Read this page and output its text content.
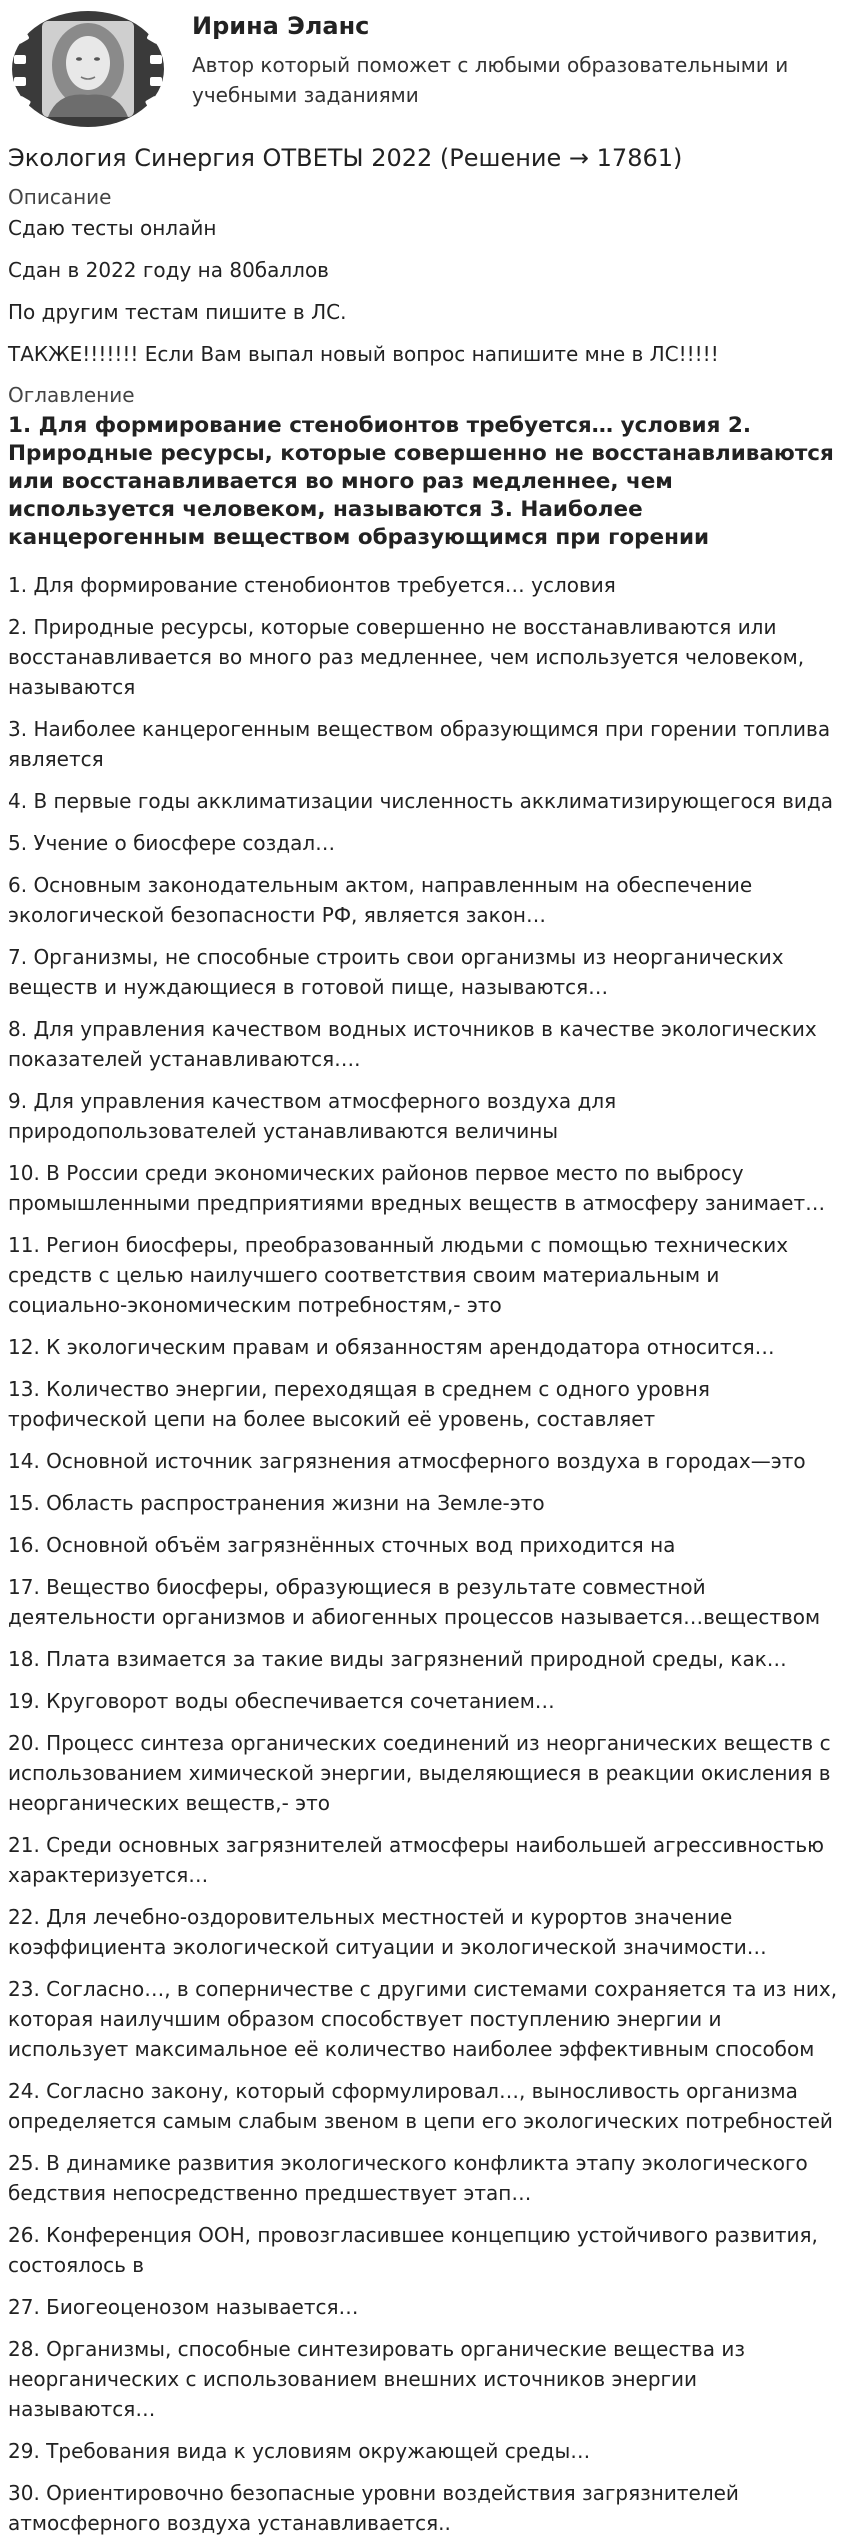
Ирина Эланс
Автор который поможет с любыми образовательными и учебными заданиями
Экология Синергия ОТВЕТЫ 2022 (Решение → 17861)
Описание

Сдаю тесты онлайн

Сдан в 2022 году на 80баллов

По другим тестам пишите в ЛС.

ТАКЖЕ!!!!!!! Если Вам выпал новый вопрос напишите мне в ЛС!!!!!

Оглавление
1. Для формирование стенобионтов требуется… условия 2. Природные ресурсы, которые совершенно не восстанавливаются или восстанавливается во много раз медленнее, чем используется человеком, называются 3. Наиболее канцерогенным веществом образующимся при горении
1. Для формирование стенобионтов требуется… условия
2. Природные ресурсы, которые совершенно не восстанавливаются или восстанавливается во много раз медленнее, чем используется человеком, называются
3. Наиболее канцерогенным веществом образующимся при горении топлива является
4. В первые годы акклиматизации численность акклиматизирующегося вида
5. Учение о биосфере создал…
6. Основным законодательным актом, направленным на обеспечение экологической безопасности РФ, является закон…
7. Организмы, не способные строить свои организмы из неорганических веществ и нуждающиеся в готовой пище, называются…
8. Для управления качеством водных источников в качестве экологических показателей устанавливаются….
9. Для управления качеством атмосферного воздуха для природопользователей устанавливаются величины
10. В России среди экономических районов первое место по выбросу промышленными предприятиями вредных веществ в атмосферу занимает…
11. Регион биосферы, преобразованный людьми с помощью технических средств с целью наилучшего соответствия своим материальным и социально-экономическим потребностям,- это
12. К экологическим правам и обязанностям арендодатора относится…
13. Количество энергии, переходящая в среднем с одного уровня трофической цепи на более высокий её уровень, составляет
14. Основной источник загрязнения атмосферного воздуха в городах—это
15. Область распространения жизни на Земле-это
16. Основной объём загрязнённых сточных вод приходится на
17. Вещество биосферы, образующиеся в результате совместной деятельности организмов и абиогенных процессов называется…веществом
18. Плата взимается за такие виды загрязнений природной среды, как…
19. Круговорот воды обеспечивается сочетанием…
20. Процесс синтеза органических соединений из неорганических веществ с использованием химической энергии, выделяющиеся в реакции окисления в неорганических веществ,- это
21. Среди основных загрязнителей атмосферы наибольшей агрессивностью характеризуется…
22. Для лечебно-оздоровительных местностей и курортов значение коэффициента экологической ситуации и экологической значимости…
23. Согласно…, в соперничестве с другими системами сохраняется та из них, которая наилучшим образом способствует поступлению энергии и использует максимальное её количество наиболее эффективным способом
24. Согласно закону, который сформулировал…, выносливость организма определяется самым слабым звеном в цепи его экологических потребностей
25. В динамике развития экологического конфликта этапу экологического бедствия непосредственно предшествует этап…
26. Конференция ООН, провозгласившее концепцию устойчивого развития, состоялось в
27. Биогеоценозом называется…
28. Организмы, способные синтезировать органические вещества из неорганических с использованием внешних источников энергии называются…
29. Требования вида к условиям окружающей среды…
30. Ориентировочно безопасные уровни воздействия загрязнителей атмосферного воздуха устанавливается..
